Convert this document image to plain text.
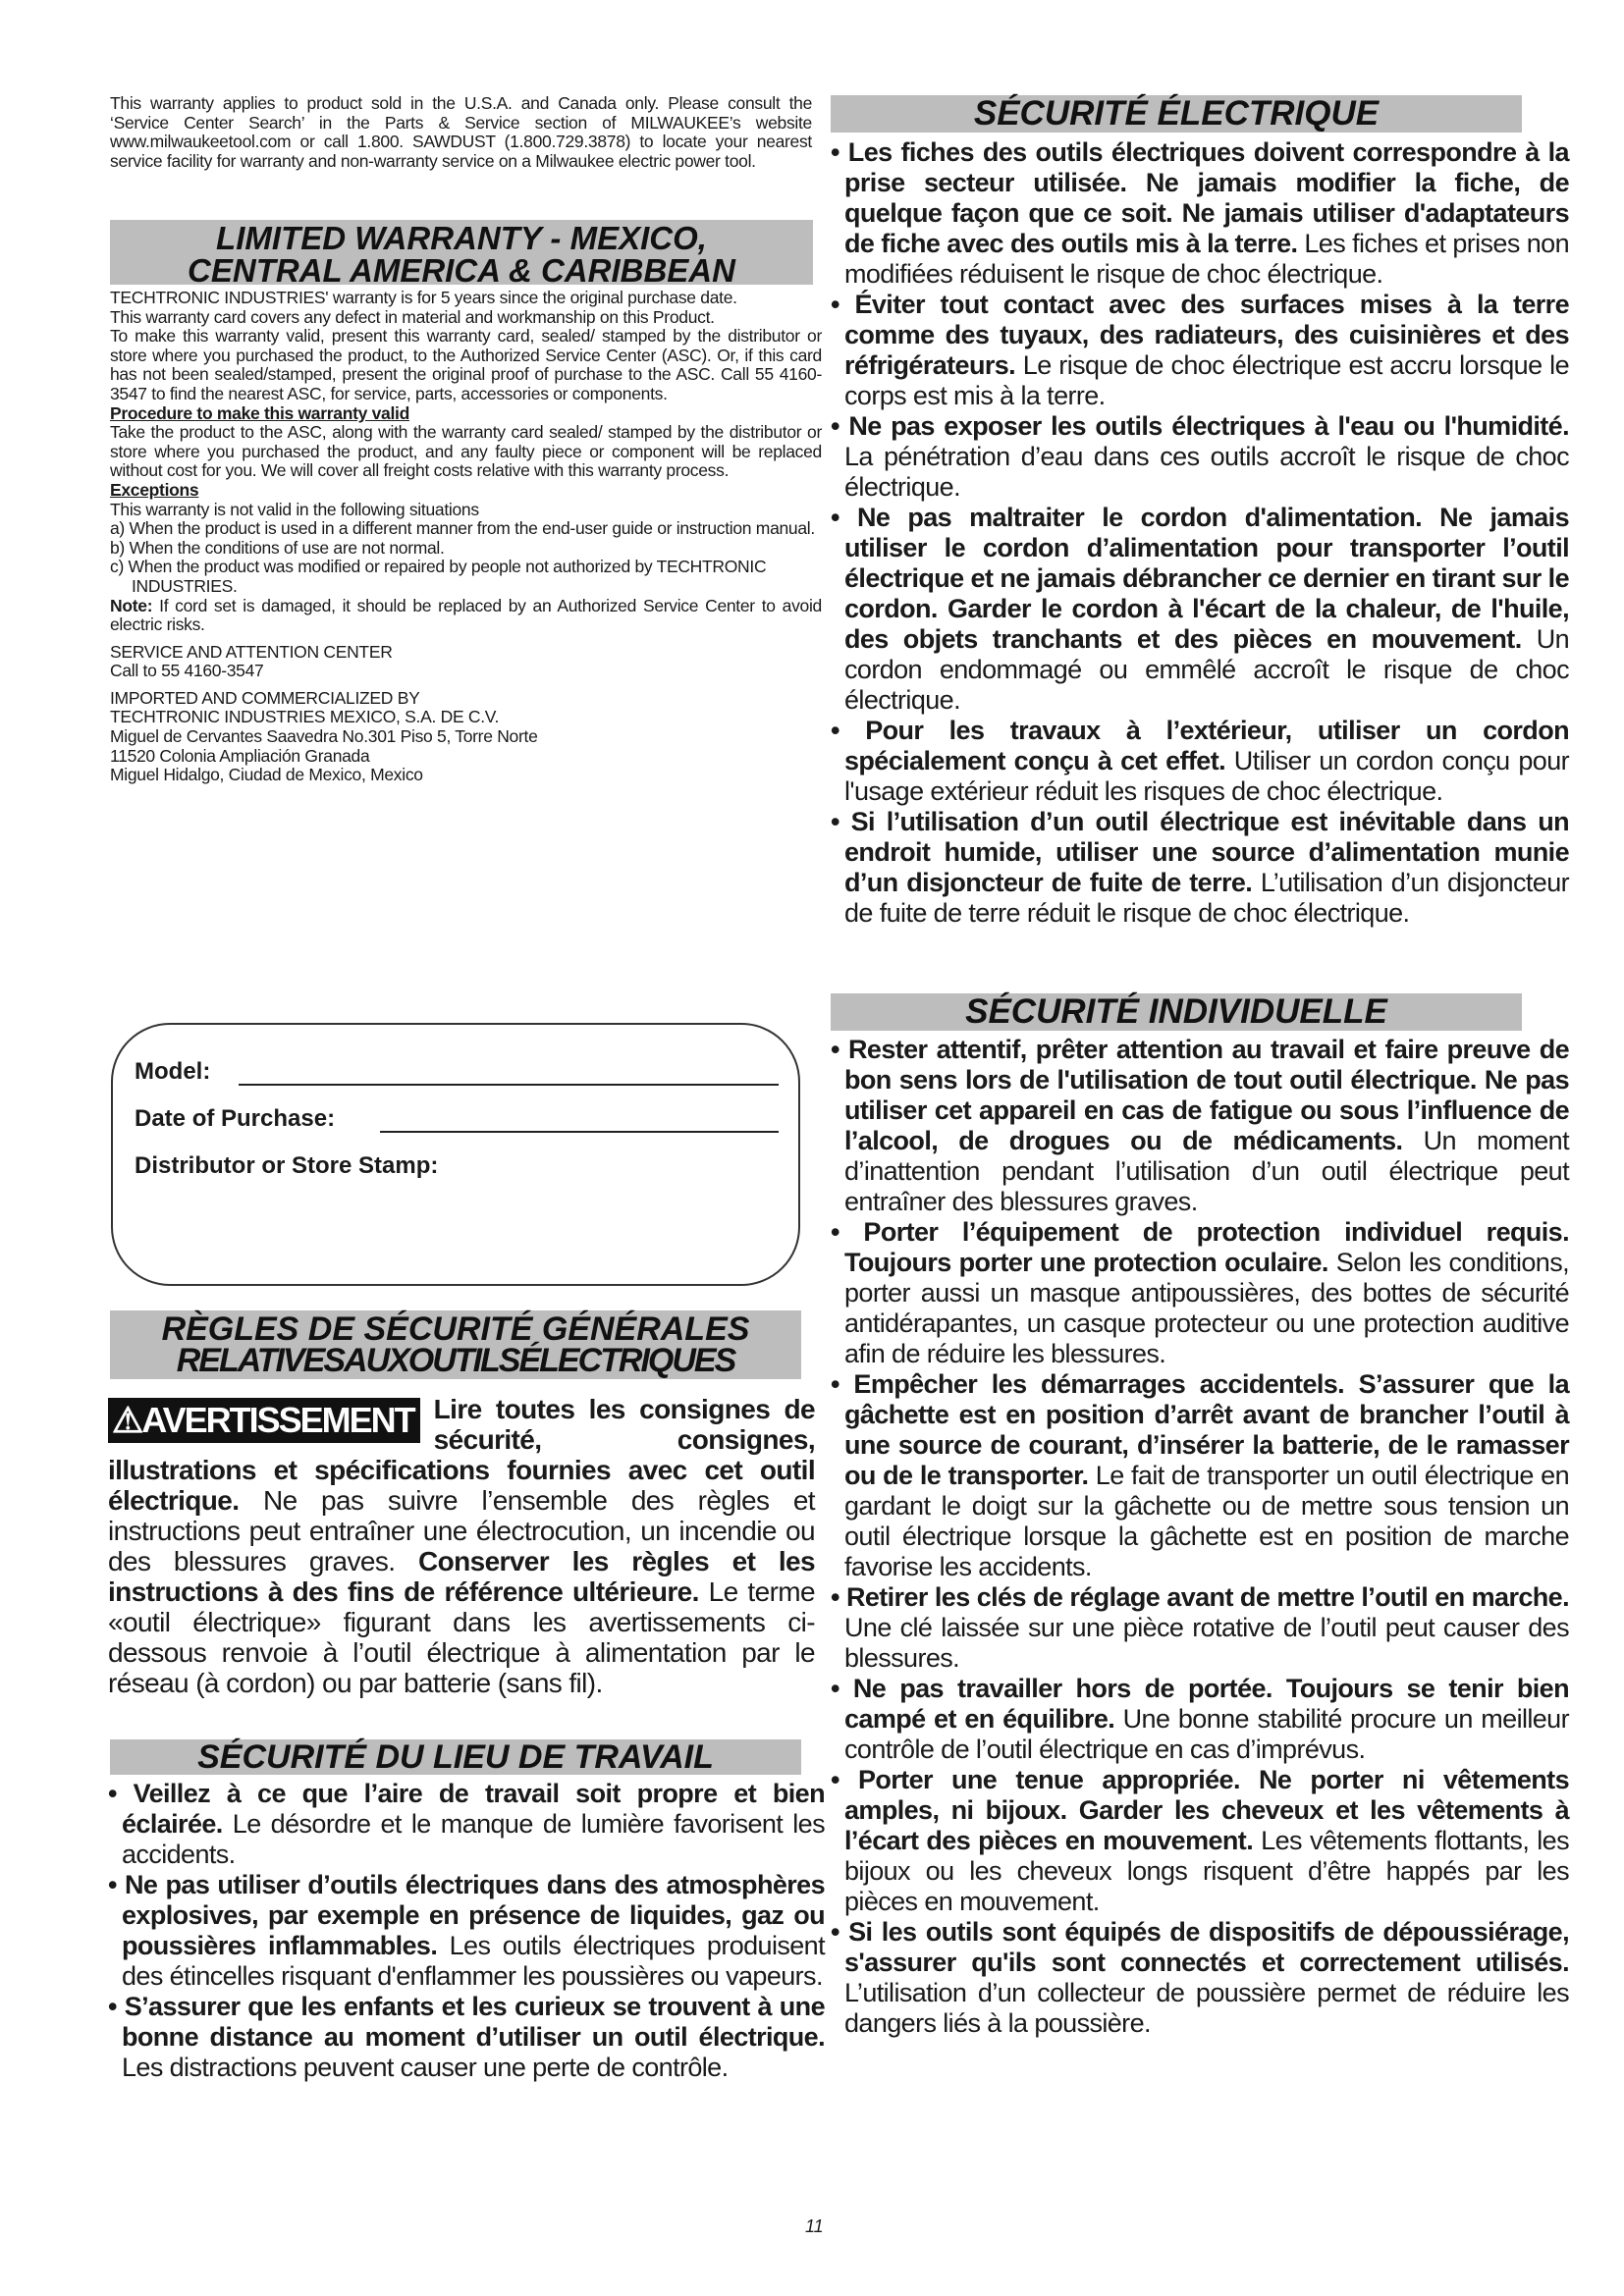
This warranty applies to product sold in the U.S.A. and Canada only. Please consult the ‘Service Center Search’ in the Parts & Service section of MILWAUKEE’s website www.milwaukeetool.com or call 1.800. SAWDUST (1.800.729.3878) to locate your nearest service facility for warranty and non-warranty service on a Milwaukee electric power tool.

LIMITED WARRANTY - MEXICO,
CENTRAL AMERICA & CARIBBEAN

TECHTRONIC INDUSTRIES' warranty is for 5 years since the original purchase date.

This warranty card covers any defect in material and workmanship on this Product.

To make this warranty valid, present this warranty card, sealed/ stamped by the distributor or store where you purchased the product, to the Authorized Service Center (ASC). Or, if this card has not been sealed/stamped, present the original proof of purchase to the ASC. Call 55 4160-3547 to find the nearest ASC, for service, parts, accessories or components.

Procedure to make this warranty valid

Take the product to the ASC, along with the warranty card sealed/ stamped by the distributor or store where you purchased the product, and any faulty piece or component will be replaced without cost for you. We will cover all freight costs relative with this warranty process.

Exceptions

This warranty is not valid in the following situations

a) When the product is used in a different manner from the end-user guide or instruction manual.

b) When the conditions of use are not normal.

c) When the product was modified or repaired by people not authorized by TECHTRONIC INDUSTRIES.

Note: If cord set is damaged, it should be replaced by an Authorized Service Center to avoid electric risks.

SERVICE AND ATTENTION CENTER

Call to 55 4160-3547

IMPORTED AND COMMERCIALIZED BY

TECHTRONIC INDUSTRIES MEXICO, S.A. DE C.V.

Miguel de Cervantes Saavedra No.301 Piso 5, Torre Norte

11520 Colonia Ampliación Granada

Miguel Hidalgo, Ciudad de Mexico, Mexico

Model:
Date of Purchase:
Distributor or Store Stamp:
RÈGLES DE SÉCURITÉ GÉNÉRALES
RELATIVESAUXOUTILSÉLECTRIQUES
⚠AVERTISSEMENT Lire toutes les consignes de sécurité, consignes, illustrations et spécifications fournies avec cet outil électrique. Ne pas suivre l’ensemble des règles et instructions peut entraîner une électrocution, un incendie ou des blessures graves. Conserver les règles et les instructions à des fins de référence ultérieure. Le terme «outil électrique» figurant dans les avertissements ci-dessous renvoie à l’outil électrique à alimentation par le réseau (à cordon) ou par batterie (sans fil).

SÉCURITÉ DU LIEU DE TRAVAIL

• Veillez à ce que l’aire de travail soit propre et bien éclairée. Le désordre et le manque de lumière favorisent les accidents.

• Ne pas utiliser d’outils électriques dans des atmosphères explosives, par exemple en présence de liquides, gaz ou poussières inflammables. Les outils électriques produisent des étincelles risquant d'enflammer les poussières ou vapeurs.

• S’assurer que les enfants et les curieux se trouvent à une bonne distance au moment d’utiliser un outil électrique. Les distractions peuvent causer une perte de contrôle.

SÉCURITÉ ÉLECTRIQUE

• Les fiches des outils électriques doivent correspondre à la prise secteur utilisée. Ne jamais modifier la fiche, de quelque façon que ce soit. Ne jamais utiliser d'adaptateurs de fiche avec des outils mis à la terre. Les fiches et prises non modifiées réduisent le risque de choc électrique.

• Éviter tout contact avec des surfaces mises à la terre comme des tuyaux, des radiateurs, des cuisinières et des réfrigérateurs. Le risque de choc électrique est accru lorsque le corps est mis à la terre.

• Ne pas exposer les outils électriques à l'eau ou l'humidité. La pénétration d’eau dans ces outils accroît le risque de choc électrique.

• Ne pas maltraiter le cordon d'alimentation. Ne jamais utiliser le cordon d’alimentation pour transporter l’outil électrique et ne jamais débrancher ce dernier en tirant sur le cordon. Garder le cordon à l'écart de la chaleur, de l'huile, des objets tranchants et des pièces en mouvement. Un cordon endommagé ou emmêlé accroît le risque de choc électrique.

• Pour les travaux à l’extérieur, utiliser un cordon spécialement conçu à cet effet. Utiliser un cordon conçu pour l'usage extérieur réduit les risques de choc électrique.

• Si l’utilisation d’un outil électrique est inévitable dans un endroit humide, utiliser une source d’alimentation munie d’un disjoncteur de fuite de terre. L’utilisation d’un disjoncteur de fuite de terre réduit le risque de choc électrique.

SÉCURITÉ INDIVIDUELLE

• Rester attentif, prêter attention au travail et faire preuve de bon sens lors de l'utilisation de tout outil électrique. Ne pas utiliser cet appareil en cas de fatigue ou sous l’influence de l’alcool, de drogues ou de médicaments. Un moment d’inattention pendant l’utilisation d’un outil électrique peut entraîner des blessures graves.

• Porter l’équipement de protection individuel requis. Toujours porter une protection oculaire. Selon les conditions, porter aussi un masque antipoussières, des bottes de sécurité antidérapantes, un casque protecteur ou une protection auditive afin de réduire les blessures.

• Empêcher les démarrages accidentels. S’assurer que la gâchette est en position d’arrêt avant de brancher l’outil à une source de courant, d’insérer la batterie, de le ramasser ou de le transporter. Le fait de transporter un outil électrique en gardant le doigt sur la gâchette ou de mettre sous tension un outil électrique lorsque la gâchette est en position de marche favorise les accidents.

• Retirer les clés de réglage avant de mettre l’outil en marche. Une clé laissée sur une pièce rotative de l’outil peut causer des blessures.

• Ne pas travailler hors de portée. Toujours se tenir bien campé et en équilibre. Une bonne stabilité procure un meilleur contrôle de l’outil électrique en cas d’imprévus.

• Porter une tenue appropriée. Ne porter ni vêtements amples, ni bijoux. Garder les cheveux et les vêtements à l’écart des pièces en mouvement. Les vêtements flottants, les bijoux ou les cheveux longs risquent d’être happés par les pièces en mouvement.

• Si les outils sont équipés de dispositifs de dépoussiérage, s'assurer qu'ils sont connectés et correctement utilisés. L’utilisation d’un collecteur de poussière permet de réduire les dangers liés à la poussière.

11
